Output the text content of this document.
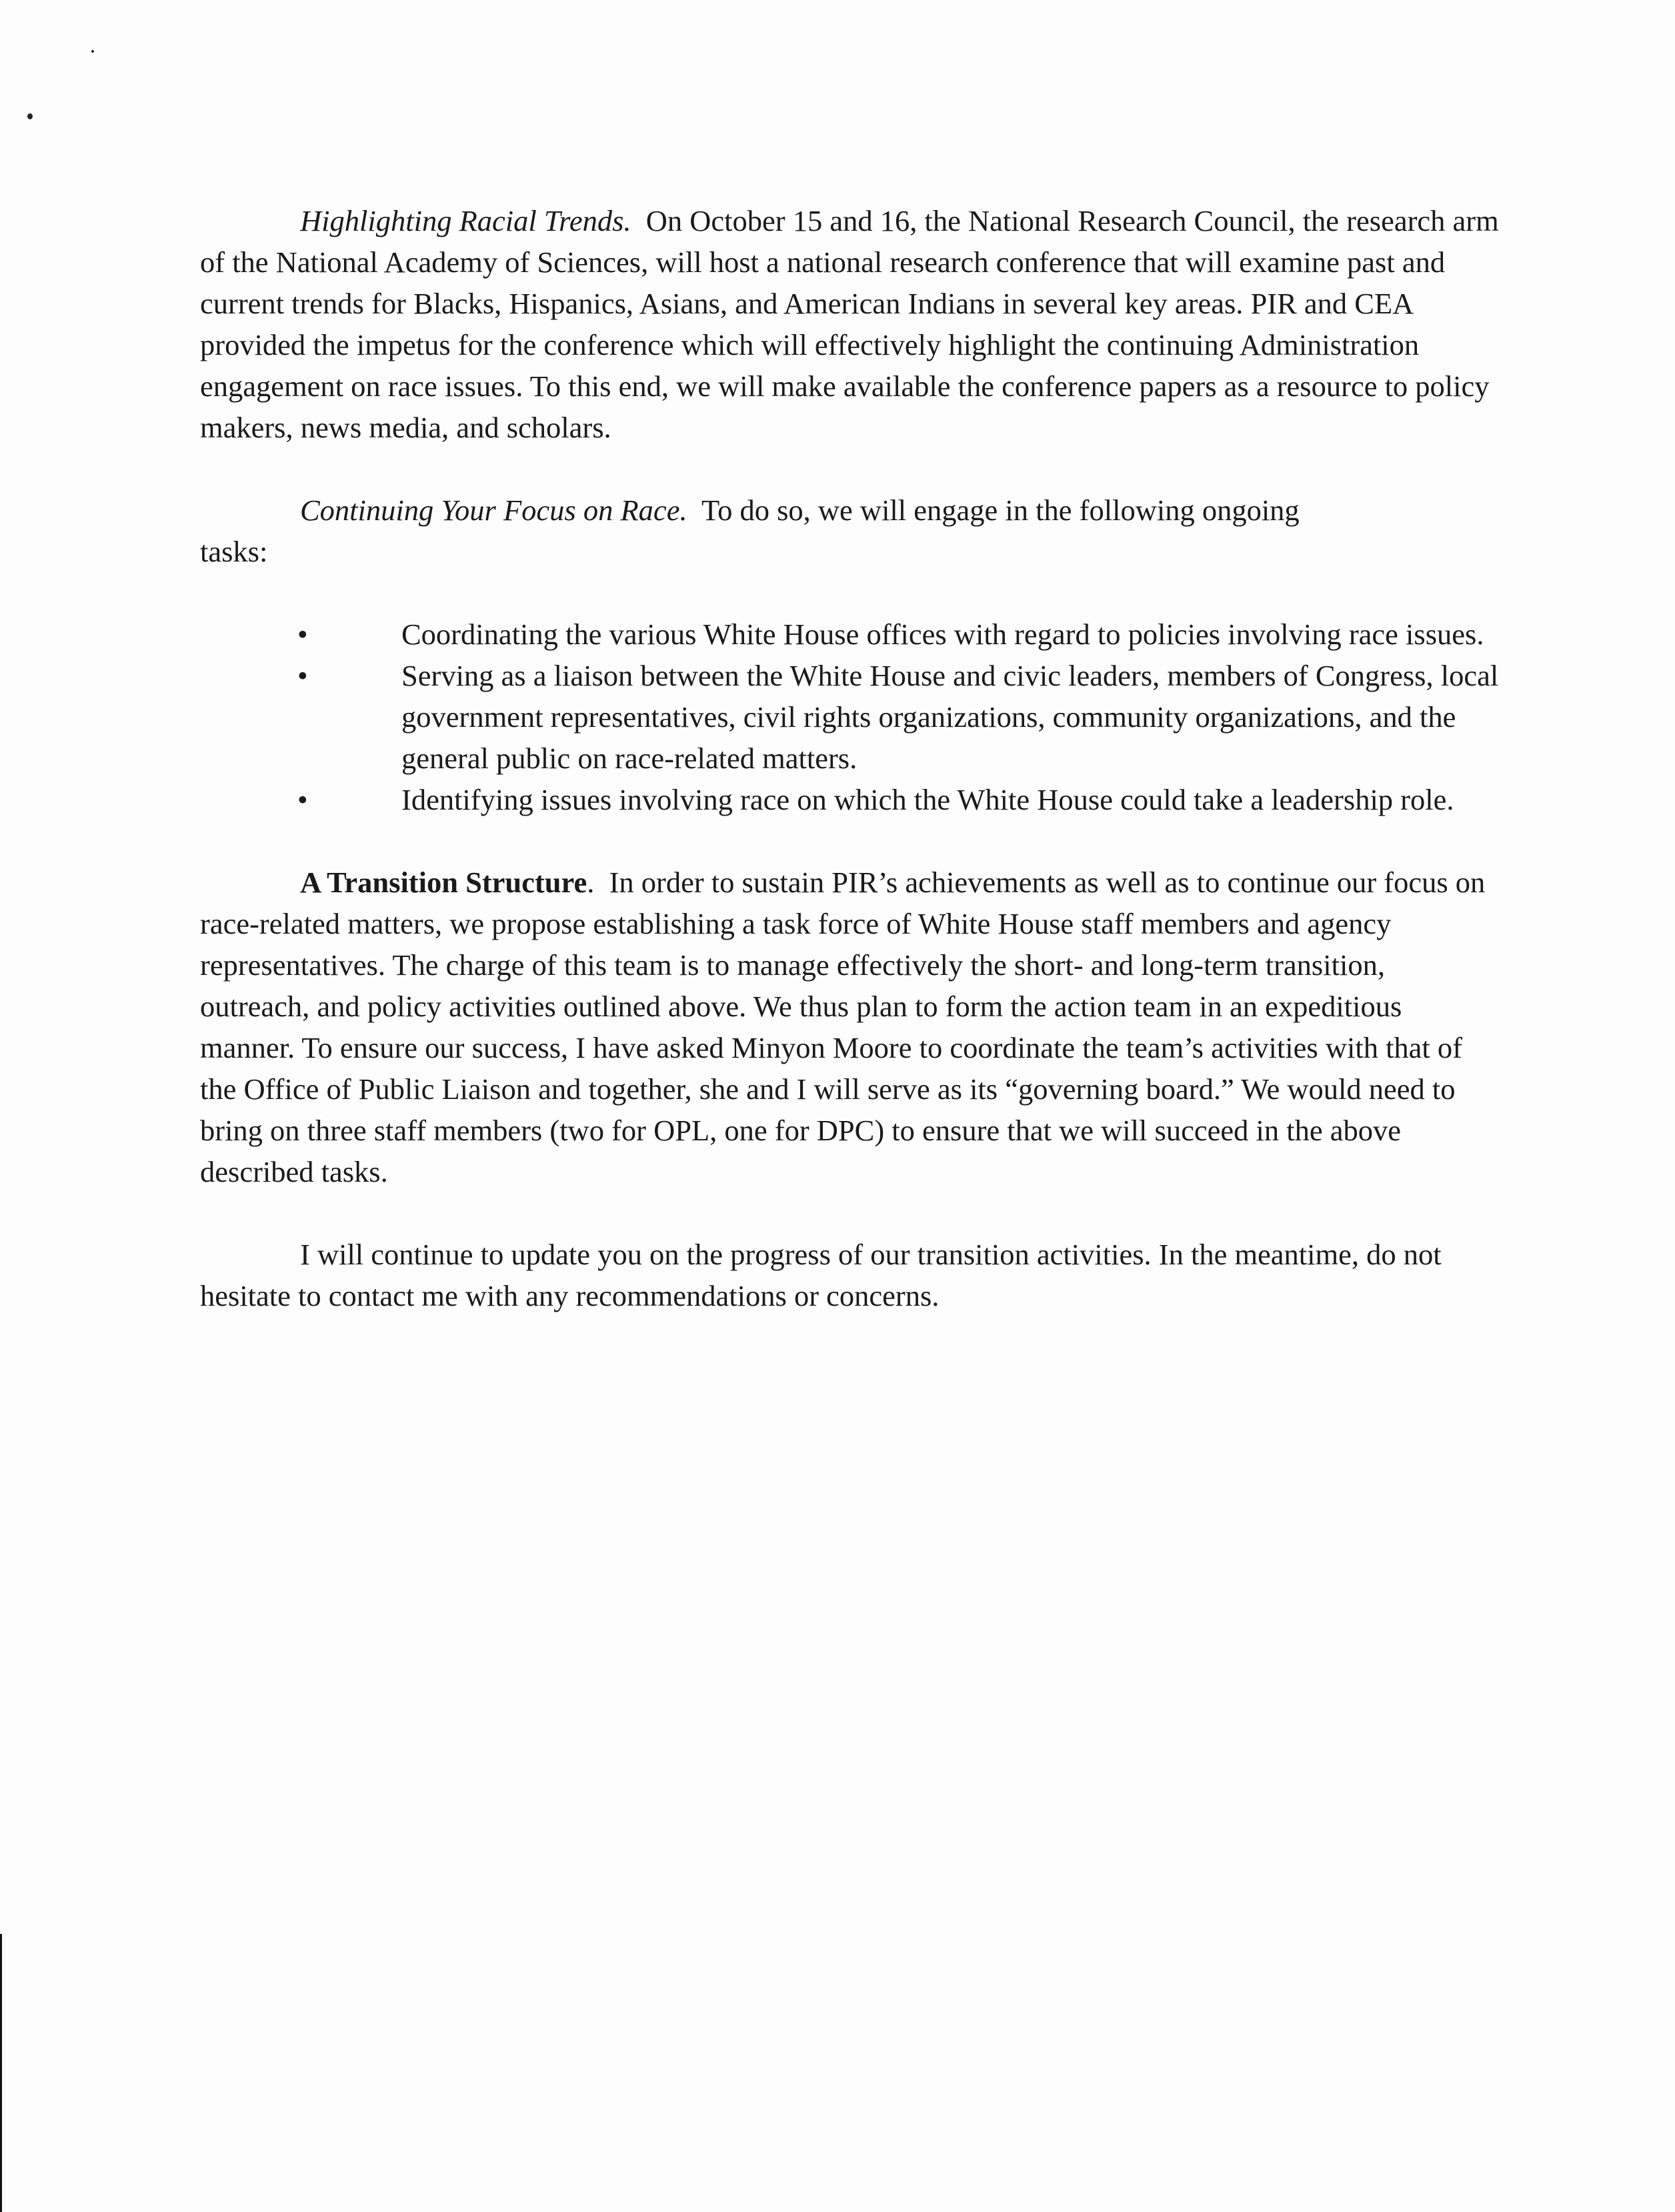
Highlighting Racial Trends. On October 15 and 16, the National Research Council, the research arm of the National Academy of Sciences, will host a national research conference that will examine past and current trends for Blacks, Hispanics, Asians, and American Indians in several key areas. PIR and CEA provided the impetus for the conference which will effectively highlight the continuing Administration engagement on race issues. To this end, we will make available the conference papers as a resource to policy makers, news media, and scholars.

Continuing Your Focus on Race. To do so, we will engage in the following ongoing

tasks:

•	Coordinating the various White House offices with regard to policies involving race issues.
•	Serving as a liaison between the White House and civic leaders, members of Congress, local government representatives, civil rights organizations, community organizations, and the general public on race-related matters.
•	Identifying issues involving race on which the White House could take a leadership role.

A Transition Structure. In order to sustain PIR’s achievements as well as to continue our focus on race-related matters, we propose establishing a task force of White House staff members and agency representatives. The charge of this team is to manage effectively the short- and long-term transition, outreach, and policy activities outlined above. We thus plan to form the action team in an expeditious manner. To ensure our success, I have asked Minyon Moore to coordinate the team’s activities with that of the Office of Public Liaison and together, she and I will serve as its “governing board.” We would need to bring on three staff members (two for OPL, one for DPC) to ensure that we will succeed in the above described tasks.

I will continue to update you on the progress of our transition activities. In the meantime, do not hesitate to contact me with any recommendations or concerns.
